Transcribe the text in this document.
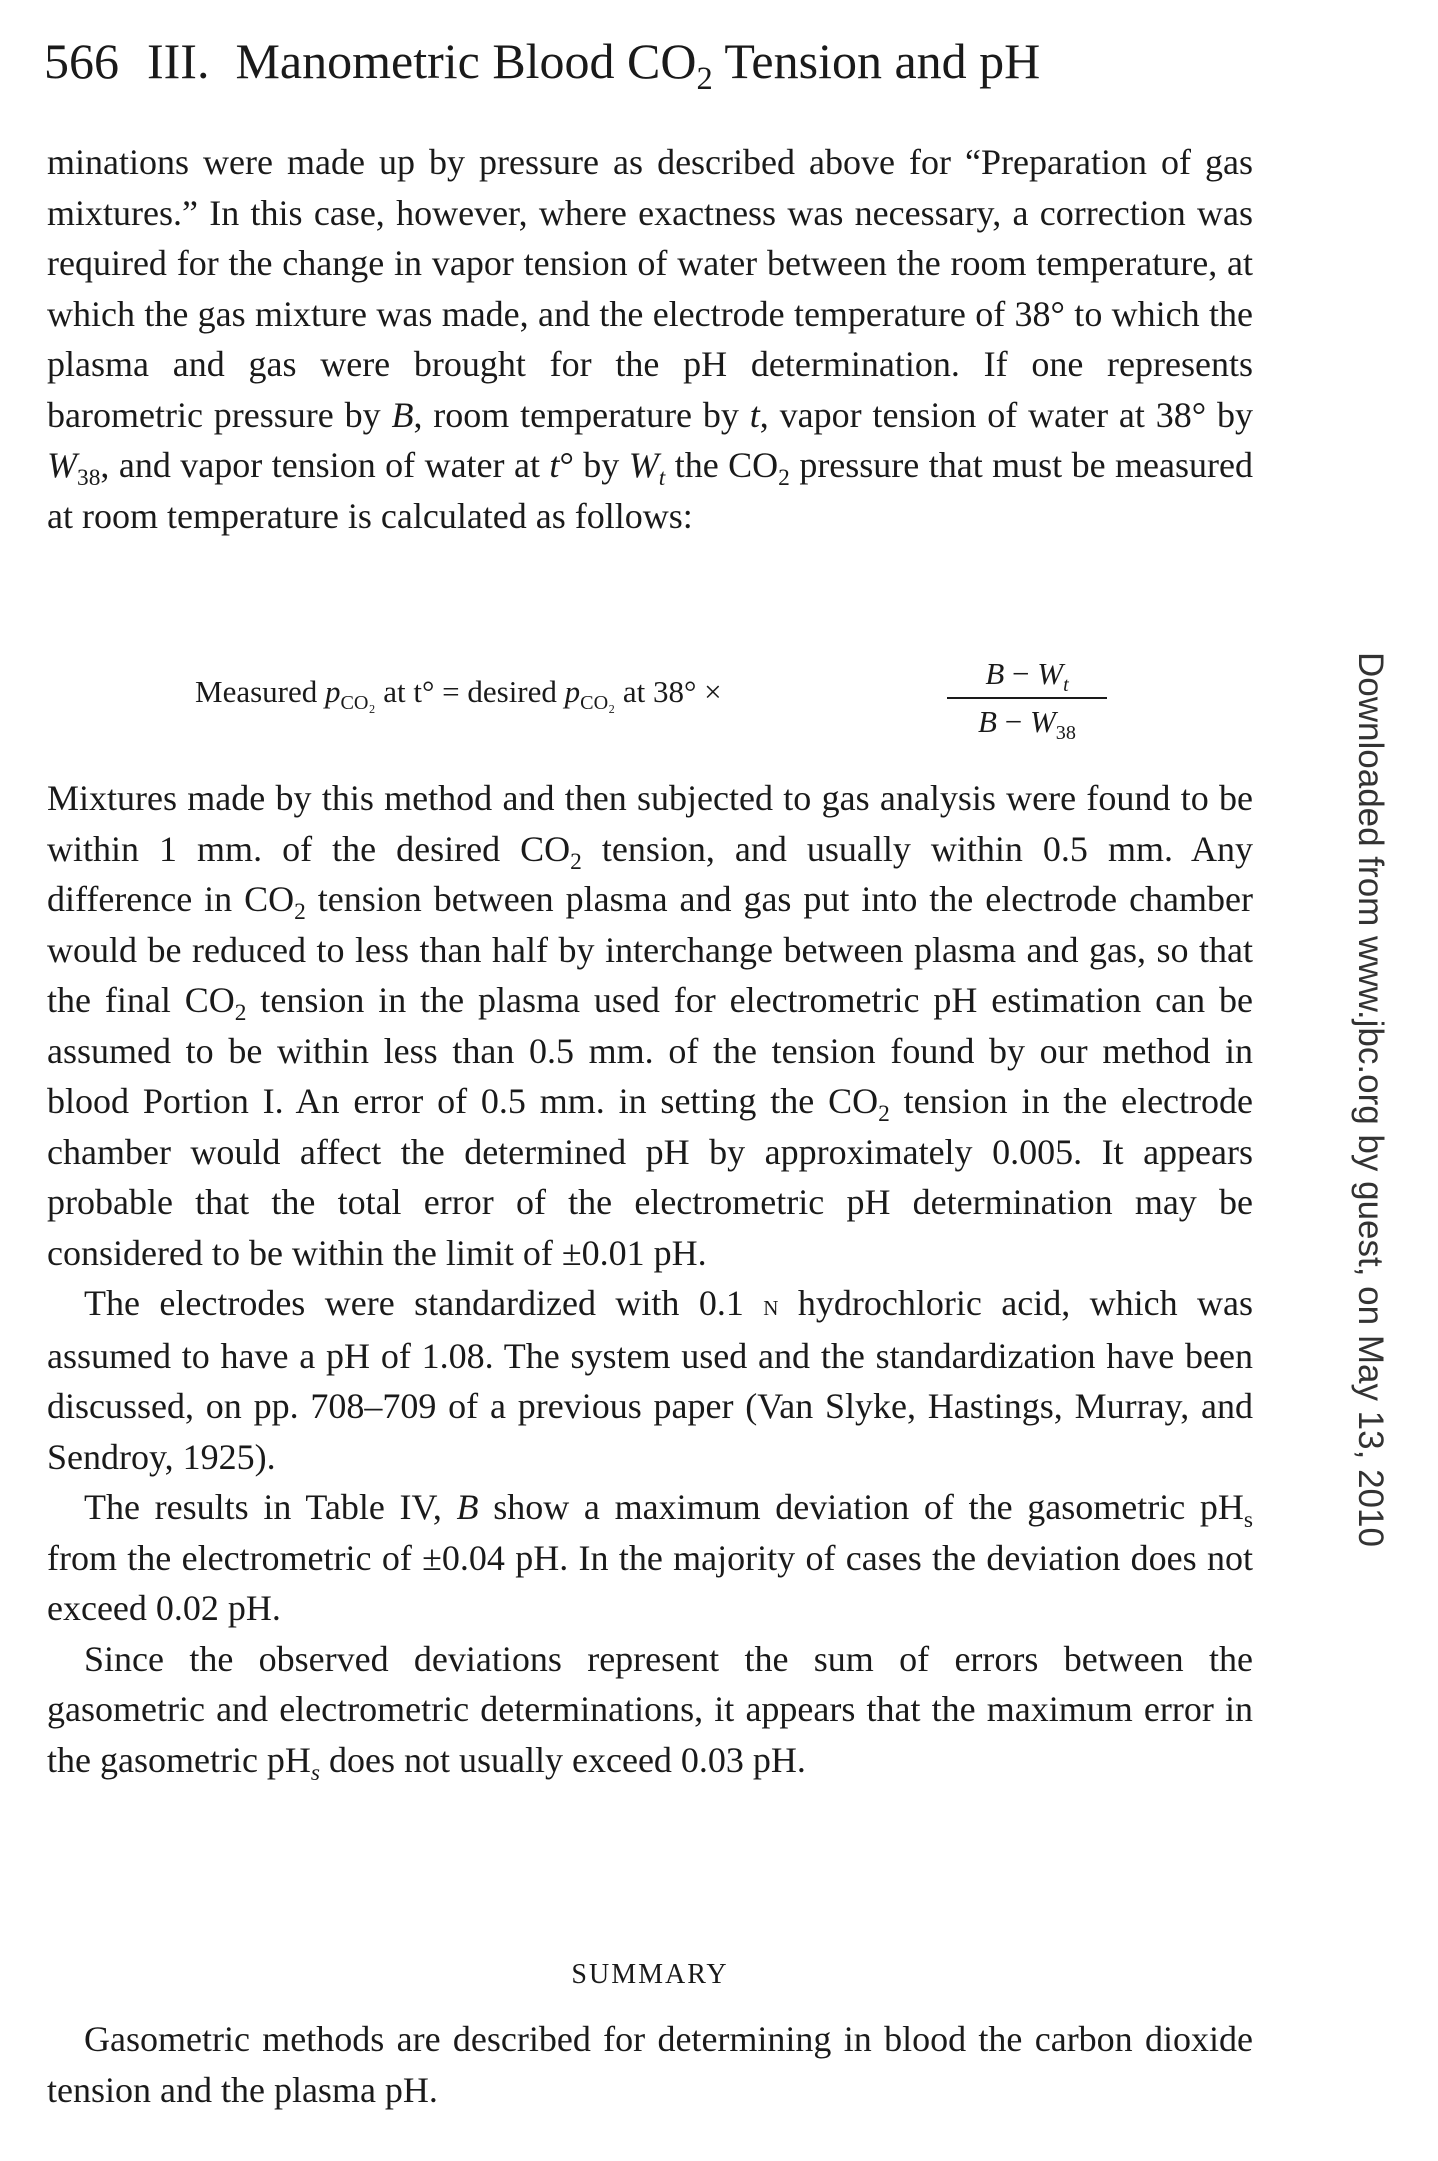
566 III. Manometric Blood $CO_2$ Tension and pH

minations were made up by pressure as described above for “Preparation of gas mixtures.” In this case, however, where exactness was necessary, a correction was required for the change in vapor tension of water between the room temperature, at which the gas mixture was made, and the electrode temperature of 38° to which the plasma and gas were brought for the pH determination. If one represents barometric pressure by B, room temperature by t, vapor tension of water at 38° by $W_{38}$, and vapor tension of water at t° by $W_t$ the $CO_2$ pressure that must be measured at room temperature is calculated as follows:

Measured $p_{CO_2}$ at t° = desired $p_{CO_2}$ at 38° ×
$B - W_t$
$B - W_{38}$

Mixtures made by this method and then subjected to gas analysis were found to be within 1 mm. of the desired $CO_2$ tension, and usually within 0.5 mm. Any difference in $CO_2$ tension between plasma and gas put into the electrode chamber would be reduced to less than half by interchange between plasma and gas, so that the final $CO_2$ tension in the plasma used for electrometric pH estimation can be assumed to be within less than 0.5 mm. of the tension found by our method in blood Portion I. An error of 0.5 mm. in setting the $CO_2$ tension in the electrode chamber would affect the determined pH by approximately 0.005. It appears probable that the total error of the electrometric pH determination may be considered to be within the limit of ±0.01 pH.

The electrodes were standardized with 0.1 n hydrochloric acid, which was assumed to have a pH of 1.08. The system used and the standardization have been discussed, on pp. 708–709 of a previous paper (Van Slyke, Hastings, Murray, and Sendroy, 1925).

The results in Table IV, B show a maximum deviation of the gasometric $pH_s$ from the electrometric of ±0.04 pH. In the majority of cases the deviation does not exceed 0.02 pH.

Since the observed deviations represent the sum of errors between the gasometric and electrometric determinations, it appears that the maximum error in the gasometric $pH_s$ does not usually exceed 0.03 pH.

SUMMARY

Gasometric methods are described for determining in blood the carbon dioxide tension and the plasma pH.

Downloaded from www.jbc.org by guest, on May 13, 2010
